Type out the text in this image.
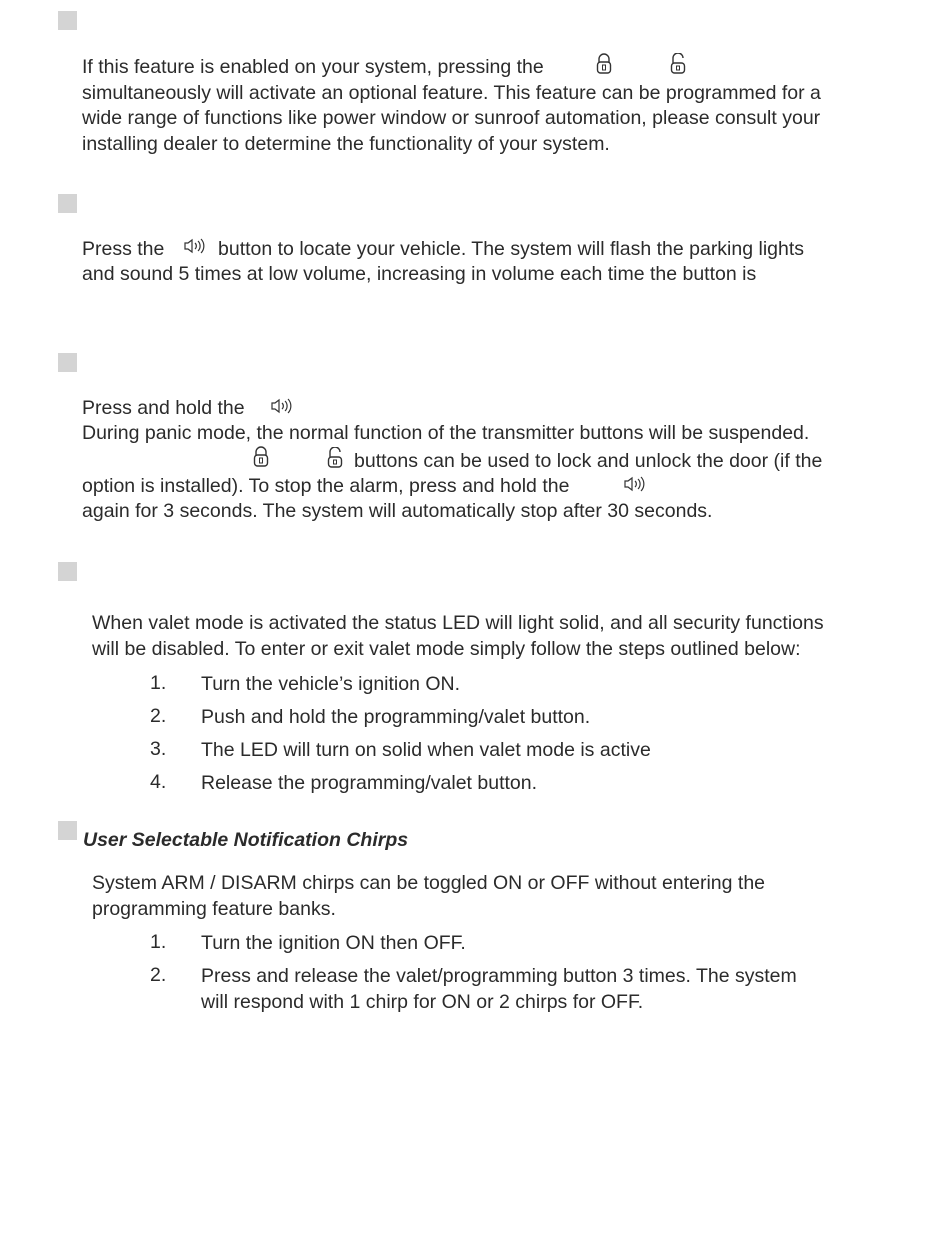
If this feature is enabled on your system, pressing the
simultaneously will activate an optional feature. This feature can be programmed for a
wide range of functions like power window or sunroof automation, please consult your
installing dealer to determine the functionality of your system.
Press the	button to locate your vehicle. The system will flash the parking lights
and sound 5 times at low volume, increasing in volume each time the button is
Press and hold the
During panic mode, the normal function of the transmitter buttons will be suspended.
buttons can be used to lock and unlock the door (if the
option is installed). To stop the alarm, press and hold the
again for 3 seconds. The system will automatically stop after 30 seconds.
When valet mode is activated the status LED will light solid, and all security functions
will be disabled. To enter or exit valet mode simply follow the steps outlined below:
1. Turn the vehicle’s ignition ON.
2. Push and hold the programming/valet button.
3. The LED will turn on solid when valet mode is active
4. Release the programming/valet button.
User Selectable Notification Chirps
System ARM / DISARM chirps can be toggled ON or OFF without entering the
programming feature banks.
1. Turn the ignition ON then OFF.
2. Press and release the valet/programming button 3 times. The system
will respond with 1 chirp for ON or 2 chirps for OFF.
